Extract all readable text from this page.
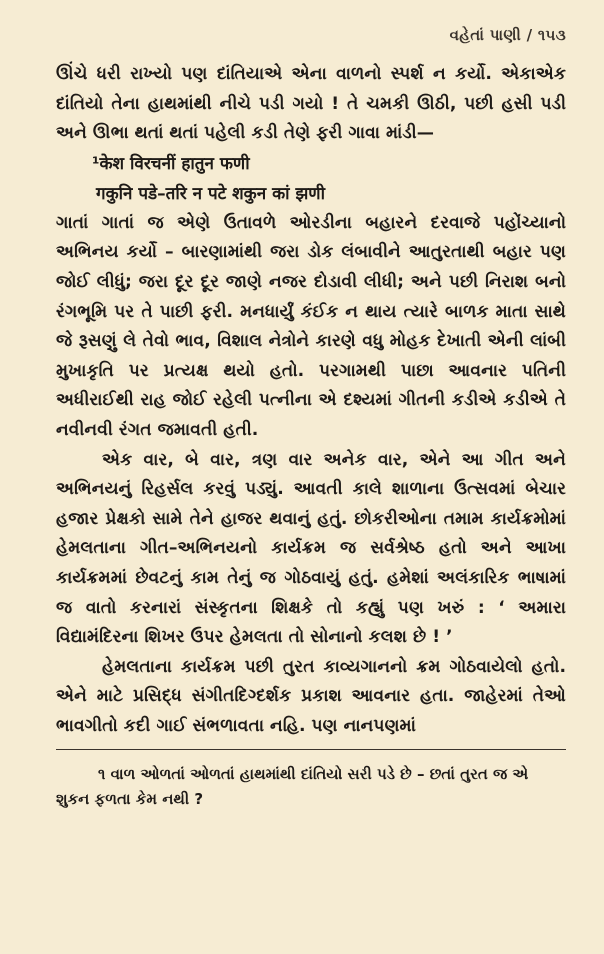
વહેતાં પાણી / ૧૫૩

ઊંચે ધરી રાખ્યો પણ દાંતિયાએ એના વાળનો સ્પર્શ ન કર્યો. એકાએક દાંતિયો તેના હાથમાંથી નીચે પડી ગયો ! તે ચમકી ઊઠી, પછી હસી પડી અને ઊભા થતાં થતાં પહેલી કડી તેણે ફરી ગાવા માંડી—

¹केश विरचनीं हातुन फणी

गकुनि पडे–तरि न पटे शकुन कां झणी

ગાતાં ગાતાં જ એણે ઉતાવળે ઓરડીના બહારને દરવાજે પહોંચ્યાનો અભિનય કર્યો – બારણામાંથી જરા ડોક લંબાવીને આતુરતાથી બહાર પણ જોઈ લીધું; જરા દૂર દૂર જાણે નજર દોડાવી લીધી; અને પછી નિરાશ બનો રંગભૂમિ પર તે પાછી ફરી. મનધાર્યું કંઈક ન થાય ત્યારે બાળક માતા સાથે જે રૂસણું લે તેવો ભાવ, વિશાલ નેત્રોને કારણે વધુ મોહક દેખાતી એની લાંબી મુખાકૃતિ પર પ્રત્યક્ષ થયો હતો. પરગામથી પાછા આવનાર પતિની અધીરાઈથી રાહ જોઈ રહેલી પત્નીના એ દશ્યમાં ગીતની કડીએ કડીએ તે નવીનવી રંગત જમાવતી હતી.

એક વાર, બે વાર, ત્રણ વાર અનેક વાર, એને આ ગીત અને અભિનયનું રિહર્સલ કરવું પડ્યું. આવતી કાલે શાળાના ઉત્સવમાં બેચાર હજાર પ્રેક્ષકો સામે તેને હાજર થવાનું હતું. છોકરીઓના તમામ કાર્યક્રમોમાં હેમલતાના ગીત–અભિનયનો કાર્યક્રમ જ સર્વશ્રેષ્ઠ હતો અને આખા કાર્યક્રમમાં છેવટનું કામ તેનું જ ગોઠવાયું હતું. હમેશાં અલંકારિક ભાષામાં જ વાતો કરનારાં સંસ્કૃતના શિક્ષકે તો કહ્યું પણ ખરું : ‘ અમારા વિદ્યામંદિરના શિખર ઉપર હેમલતા તો સોનાનો કલશ છે ! ’

હેમલતાના કાર્યક્રમ પછી તુરત કાવ્યગાનનો ક્રમ ગોઠવાયેલો હતો. એને માટે પ્રસિદ્ધ સંગીતદિગ્દર્શક પ્રકાશ આવનાર હતા. જાહેરમાં તેઓ ભાવગીતો કદી ગાઈ સંભળાવતા નહિ. પણ નાનપણમાં

૧ વાળ ઓળતાં ઓળતાં હાથમાંથી દાંતિયો સરી પડે છે – છતાં તુરત જ એ શુકન ફળતા કેમ નથી ?
